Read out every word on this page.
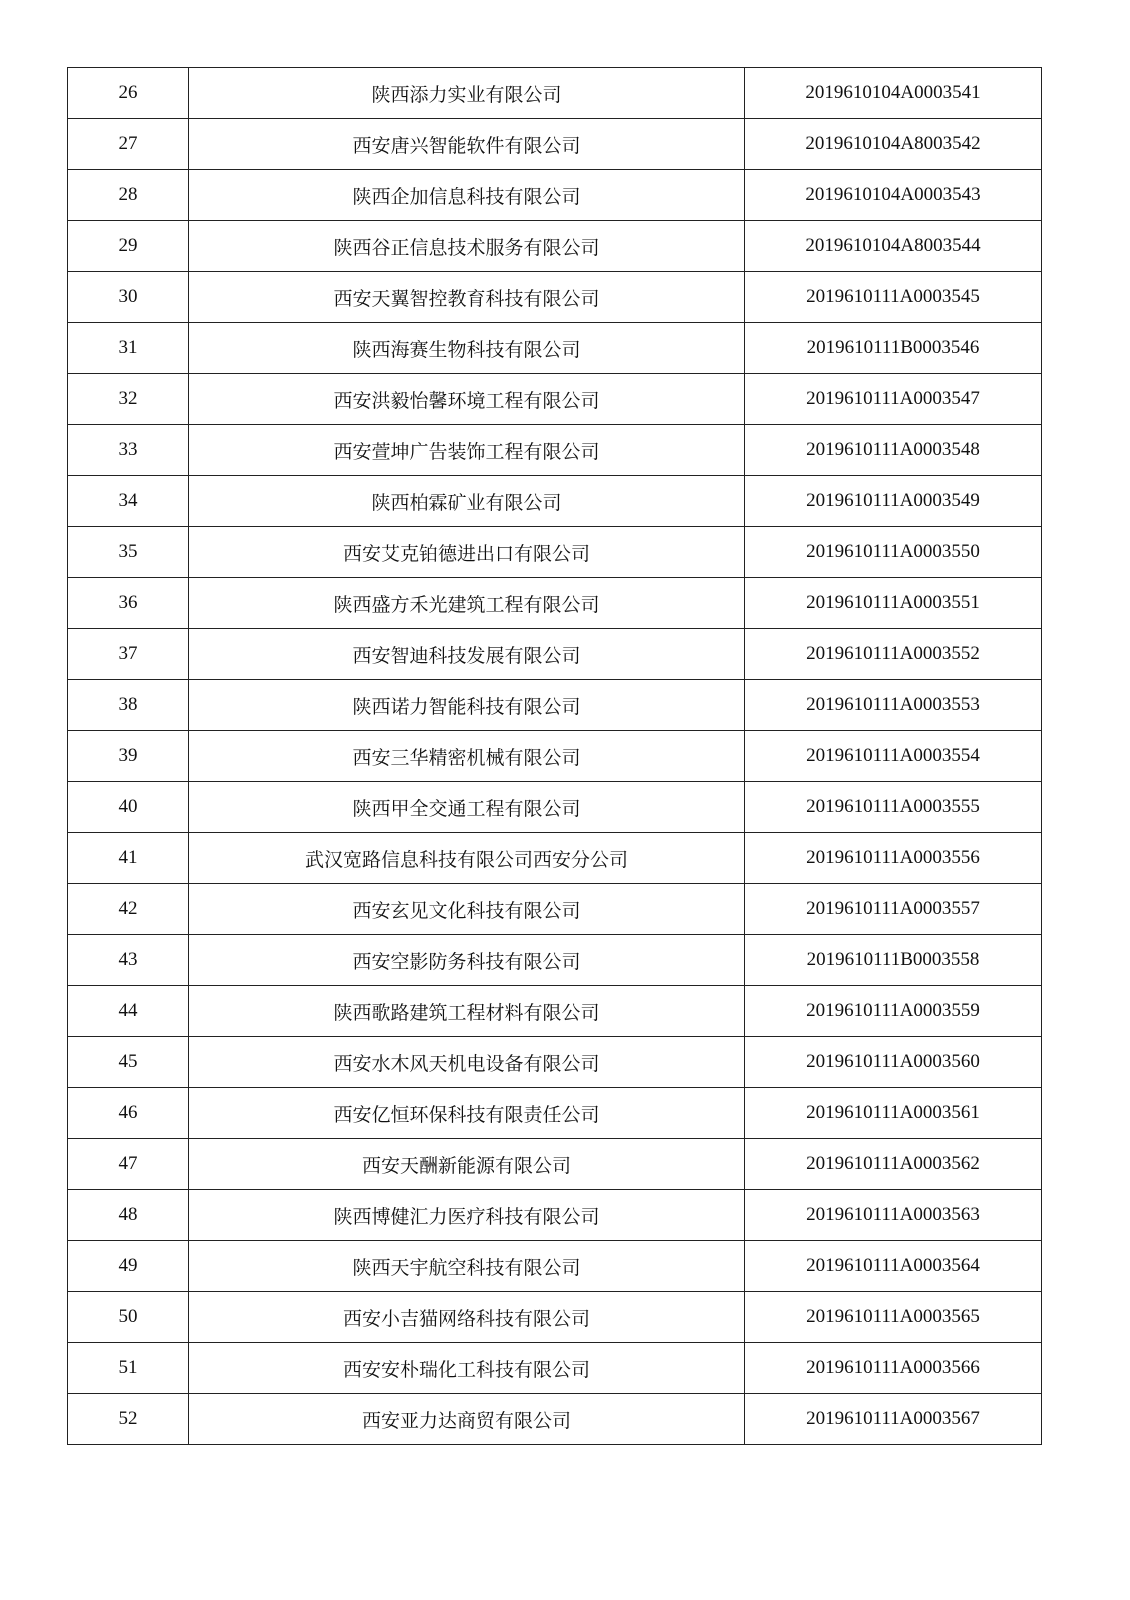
26	陕西添力实业有限公司	2019610104A0003541
27	西安唐兴智能软件有限公司	2019610104A8003542
28	陕西企加信息科技有限公司	2019610104A0003543
29	陕西谷正信息技术服务有限公司	2019610104A8003544
30	西安天翼智控教育科技有限公司	2019610111A0003545
31	陕西海赛生物科技有限公司	2019610111B0003546
32	西安洪毅怡馨环境工程有限公司	2019610111A0003547
33	西安萱坤广告装饰工程有限公司	2019610111A0003548
34	陕西柏霖矿业有限公司	2019610111A0003549
35	西安艾克铂德进出口有限公司	2019610111A0003550
36	陕西盛方禾光建筑工程有限公司	2019610111A0003551
37	西安智迪科技发展有限公司	2019610111A0003552
38	陕西诺力智能科技有限公司	2019610111A0003553
39	西安三华精密机械有限公司	2019610111A0003554
40	陕西甲全交通工程有限公司	2019610111A0003555
41	武汉宽路信息科技有限公司西安分公司	2019610111A0003556
42	西安玄见文化科技有限公司	2019610111A0003557
43	西安空影防务科技有限公司	2019610111B0003558
44	陕西歌路建筑工程材料有限公司	2019610111A0003559
45	西安水木风天机电设备有限公司	2019610111A0003560
46	西安亿恒环保科技有限责任公司	2019610111A0003561
47	西安天酬新能源有限公司	2019610111A0003562
48	陕西博健汇力医疗科技有限公司	2019610111A0003563
49	陕西天宇航空科技有限公司	2019610111A0003564
50	西安小吉猫网络科技有限公司	2019610111A0003565
51	西安安朴瑞化工科技有限公司	2019610111A0003566
52	西安亚力达商贸有限公司	2019610111A0003567
